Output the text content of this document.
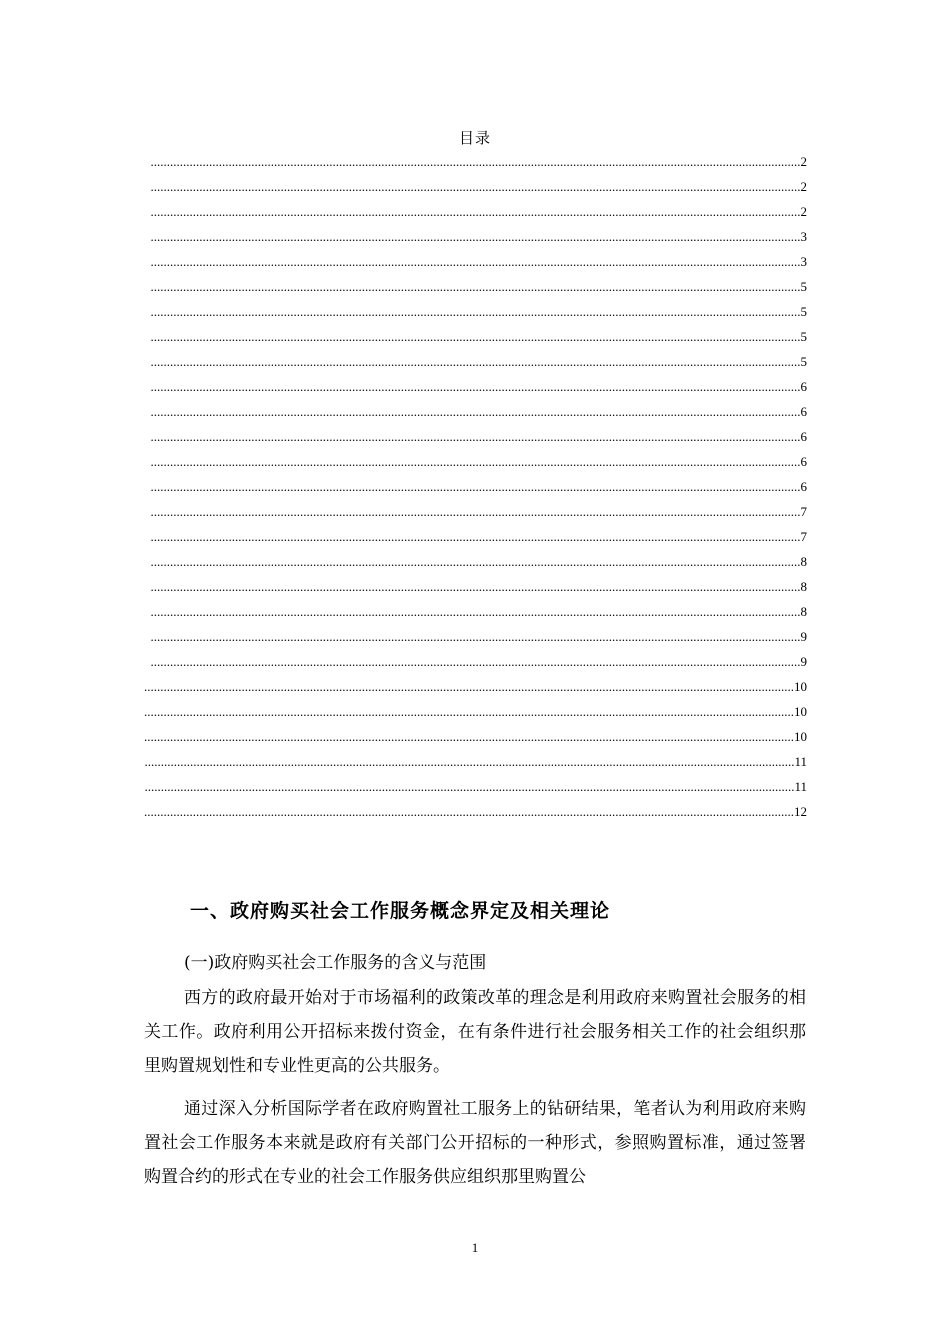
目录
........................................................................................................................................................................................................ 2
........................................................................................................................................................................................................ 2
........................................................................................................................................................................................................ 2
........................................................................................................................................................................................................ 3
........................................................................................................................................................................................................ 3
........................................................................................................................................................................................................ 5
........................................................................................................................................................................................................ 5
........................................................................................................................................................................................................ 5
........................................................................................................................................................................................................ 5
........................................................................................................................................................................................................ 6
........................................................................................................................................................................................................ 6
........................................................................................................................................................................................................ 6
........................................................................................................................................................................................................ 6
........................................................................................................................................................................................................ 6
........................................................................................................................................................................................................ 7
........................................................................................................................................................................................................ 7
........................................................................................................................................................................................................ 8
........................................................................................................................................................................................................ 8
........................................................................................................................................................................................................ 8
........................................................................................................................................................................................................ 9
........................................................................................................................................................................................................ 9
........................................................................................................................................................................................................ 10
........................................................................................................................................................................................................ 10
........................................................................................................................................................................................................ 10
........................................................................................................................................................................................................ 11
........................................................................................................................................................................................................ 11
........................................................................................................................................................................................................ 12
一、政府购买社会工作服务概念界定及相关理论
(一)政府购买社会工作服务的含义与范围
西方的政府最开始对于市场福利的政策改革的理念是利用政府来购置社会服务的相关工作。政府利用公开招标来拨付资金，在有条件进行社会服务相关工作的社会组织那里购置规划性和专业性更高的公共服务。
通过深入分析国际学者在政府购置社工服务上的钻研结果，笔者认为利用政府来购置社会工作服务本来就是政府有关部门公开招标的一种形式，参照购置标准，通过签署购置合约的形式在专业的社会工作服务供应组织那里购置公
1
